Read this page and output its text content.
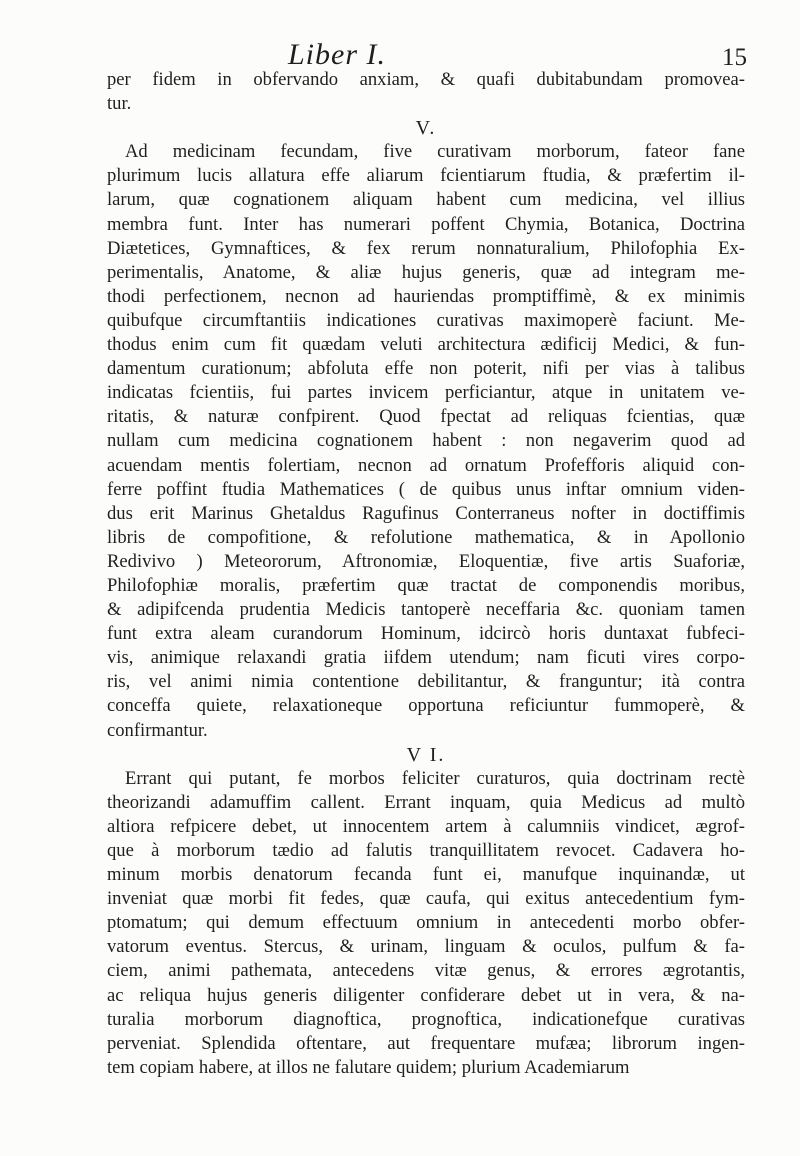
Liber I.	15
per fidem in obfervando anxiam, & quafi dubitabundam promovea-
tur.
V.
Ad medicinam fecundam, five curativam morborum, fateor fane
plurimum lucis allatura effe aliarum fcientiarum ftudia, & præfertim il-
larum, quæ cognationem aliquam habent cum medicina, vel illius
membra funt. Inter has numerari poffent Chymia, Botanica, Doctrina
Diætetices, Gymnaftices, & fex rerum nonnaturalium, Philofophia Ex-
perimentalis, Anatome, & aliæ hujus generis, quæ ad integram me-
thodi perfectionem, necnon ad hauriendas promptiffimè, & ex minimis
quibufque circumftantiis indicationes curativas maximoperè faciunt. Me-
thodus enim cum fit quædam veluti architectura ædificij Medici, & fun-
damentum curationum; abfoluta effe non poterit, nifi per vias à talibus
indicatas fcientiis, fui partes invicem perficiantur, atque in unitatem ve-
ritatis, & naturæ confpirent. Quod fpectat ad reliquas fcientias, quæ
nullam cum medicina cognationem habent : non negaverim quod ad
acuendam mentis folertiam, necnon ad ornatum Profefforis aliquid con-
ferre poffint ftudia Mathematices ( de quibus unus inftar omnium viden-
dus erit Marinus Ghetaldus Ragufinus Conterraneus nofter in doctiffimis
libris de compofitione, & refolutione mathematica, & in Apollonio
Redivivo ) Meteororum, Aftronomiæ, Eloquentiæ, five artis Suaforiæ,
Philofophiæ moralis, præfertim quæ tractat de componendis moribus,
& adipifcenda prudentia Medicis tantoperè neceffaria &c. quoniam tamen
funt extra aleam curandorum Hominum, idcircò horis duntaxat fubfeci-
vis, animique relaxandi gratia iifdem utendum; nam ficuti vires corpo-
ris, vel animi nimia contentione debilitantur, & franguntur; ità contra
conceffa quiete, relaxationeque opportuna reficiuntur fummoperè, &
confirmantur.
V I.
Errant qui putant, fe morbos feliciter curaturos, quia doctrinam rectè
theorizandi adamuffim callent. Errant inquam, quia Medicus ad multò
altiora refpicere debet, ut innocentem artem à calumniis vindicet, ægrof-
que à morborum tædio ad falutis tranquillitatem revocet. Cadavera ho-
minum morbis denatorum fecanda funt ei, manufque inquinandæ, ut
inveniat quæ morbi fit fedes, quæ caufa, qui exitus antecedentium fym-
ptomatum; qui demum effectuum omnium in antecedenti morbo obfer-
vatorum eventus. Stercus, & urinam, linguam & oculos, pulfum & fa-
ciem, animi pathemata, antecedens vitæ genus, & errores ægrotantis,
ac reliqua hujus generis diligenter confiderare debet ut in vera, & na-
turalia morborum diagnoftica, prognoftica, indicationefque curativas
perveniat. Splendida oftentare, aut frequentare mufæa; librorum ingen-
tem copiam habere, at illos ne falutare quidem; plurium Academiarum
